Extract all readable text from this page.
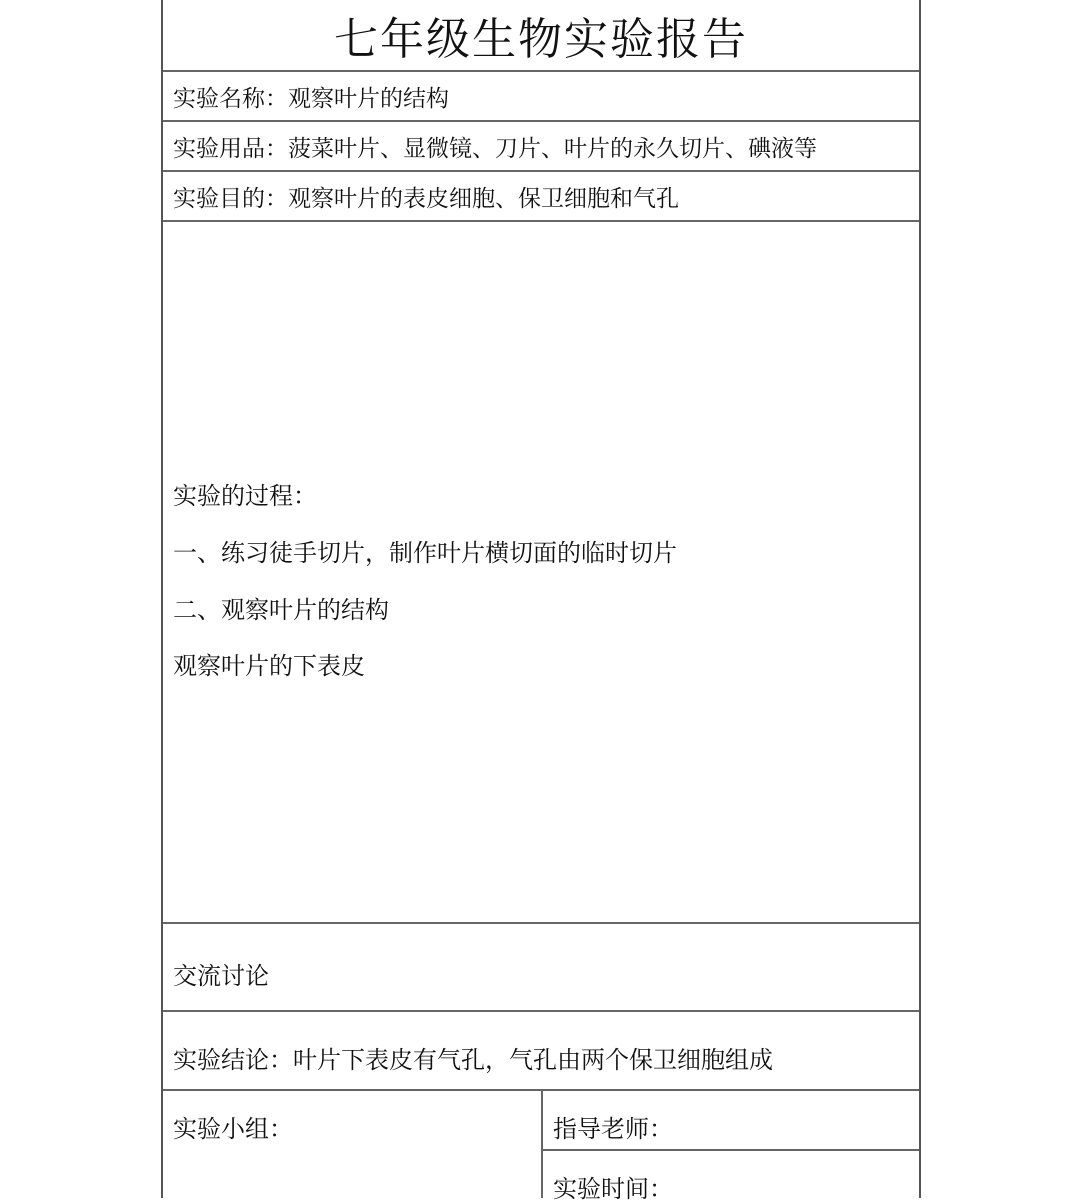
七年级生物实验报告
实验名称：观察叶片的结构
实验用品：菠菜叶片、显微镜、刀片、叶片的永久切片、碘液等
实验目的：观察叶片的表皮细胞、保卫细胞和气孔
实验的过程：
一、练习徒手切片，制作叶片横切面的临时切片
二、观察叶片的结构
观察叶片的下表皮
交流讨论
实验结论：叶片下表皮有气孔，气孔由两个保卫细胞组成
实验小组：	指导老师：
实验时间：
